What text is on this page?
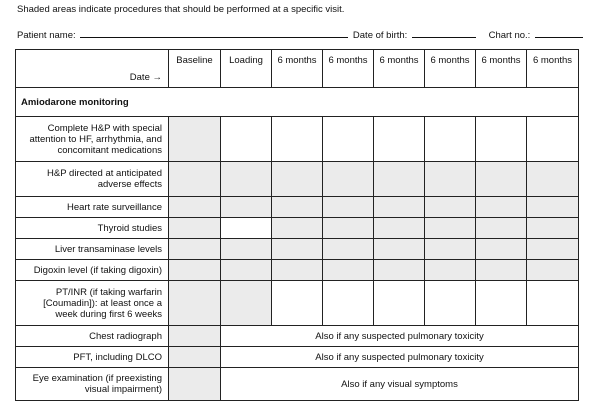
Shaded areas indicate procedures that should be performed at a specific visit.
Patient name:	Date of birth:	Chart no.:
Date →	Baseline	Loading	6 months	6 months	6 months	6 months	6 months	6 months
Amiodarone monitoring								
Complete H&P with special attention to HF, arrhythmia, and concomitant medications								
H&P directed at anticipated adverse effects								
Heart rate surveillance								
Thyroid studies								
Liver transaminase levels								
Digoxin level (if taking digoxin)								
PT/INR (if taking warfarin [Coumadin]): at least once a week during first 6 weeks								
Chest radiograph		Also if any suspected pulmonary toxicity						
PFT, including DLCO		Also if any suspected pulmonary toxicity						
Eye examination (if preexisting visual impairment)		Also if any visual symptoms						
